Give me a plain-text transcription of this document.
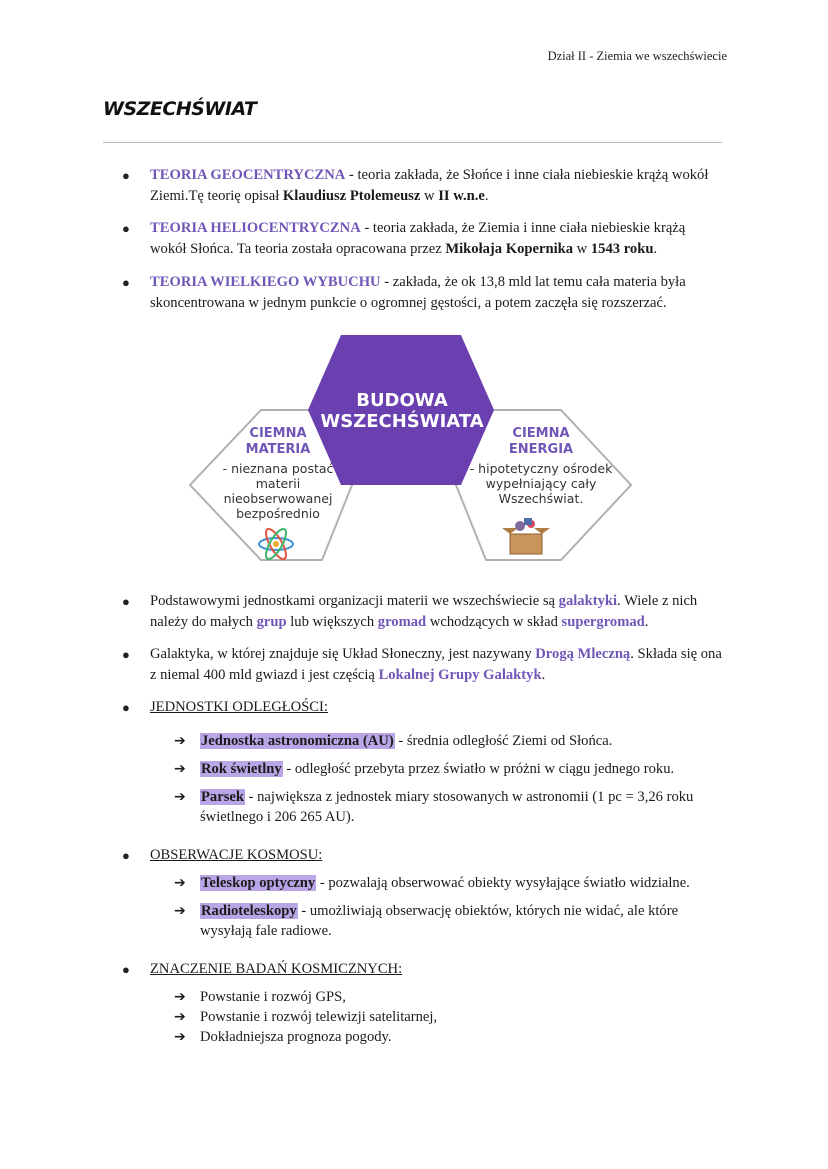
Dział II - Ziemia we wszechświecie
WSZECHŚWIAT
● TEORIA GEOCENTRYCZNA - teoria zakłada, że Słońce i inne ciała niebieskie krążą wokół Ziemi.Tę teorię opisał Klaudiusz Ptolemeusz w II w.n.e.
● TEORIA HELIOCENTRYCZNA - teoria zakłada, że Ziemia i inne ciała niebieskie krążą wokół Słońca. Ta teoria została opracowana przez Mikołaja Kopernika w 1543 roku.
● TEORIA WIELKIEGO WYBUCHU - zakłada, że ok 13,8 mld lat temu cała materia była skoncentrowana w jednym punkcie o ogromnej gęstości, a potem zaczęła się rozszerzać.
BUDOWA
WSZECHŚWIATA
CIEMNA
MATERIA
- nieznana postać materii nieobserwowanej bezpośrednio
CIEMNA
ENERGIA
- hipotetyczny ośrodek wypełniający cały Wszechświat.
● Podstawowymi jednostkami organizacji materii we wszechświecie są galaktyki. Wiele z nich należy do małych grup lub większych gromad wchodzących w skład supergromad.
● Galaktyka, w której znajduje się Układ Słoneczny, jest nazywany Drogą Mleczną. Składa się ona z niemal 400 mld gwiazd i jest częścią Lokalnej Grupy Galaktyk.
● JEDNOSTKI ODLEGŁOŚCI:
➔ Jednostka astronomiczna (AU) - średnia odległość Ziemi od Słońca.
➔ Rok świetlny - odległość przebyta przez światło w próżni w ciągu jednego roku.
➔ Parsek - największa z jednostek miary stosowanych w astronomii (1 pc = 3,26 roku świetlnego i 206 265 AU).
● OBSERWACJE KOSMOSU:
➔ Teleskop optyczny - pozwalają obserwować obiekty wysyłające światło widzialne.
➔ Radioteleskopy - umożliwiają obserwację obiektów, których nie widać, ale które wysyłają fale radiowe.
● ZNACZENIE BADAŃ KOSMICZNYCH:
➔ Powstanie i rozwój GPS,
➔ Powstanie i rozwój telewizji satelitarnej,
➔ Dokładniejsza prognoza pogody.
